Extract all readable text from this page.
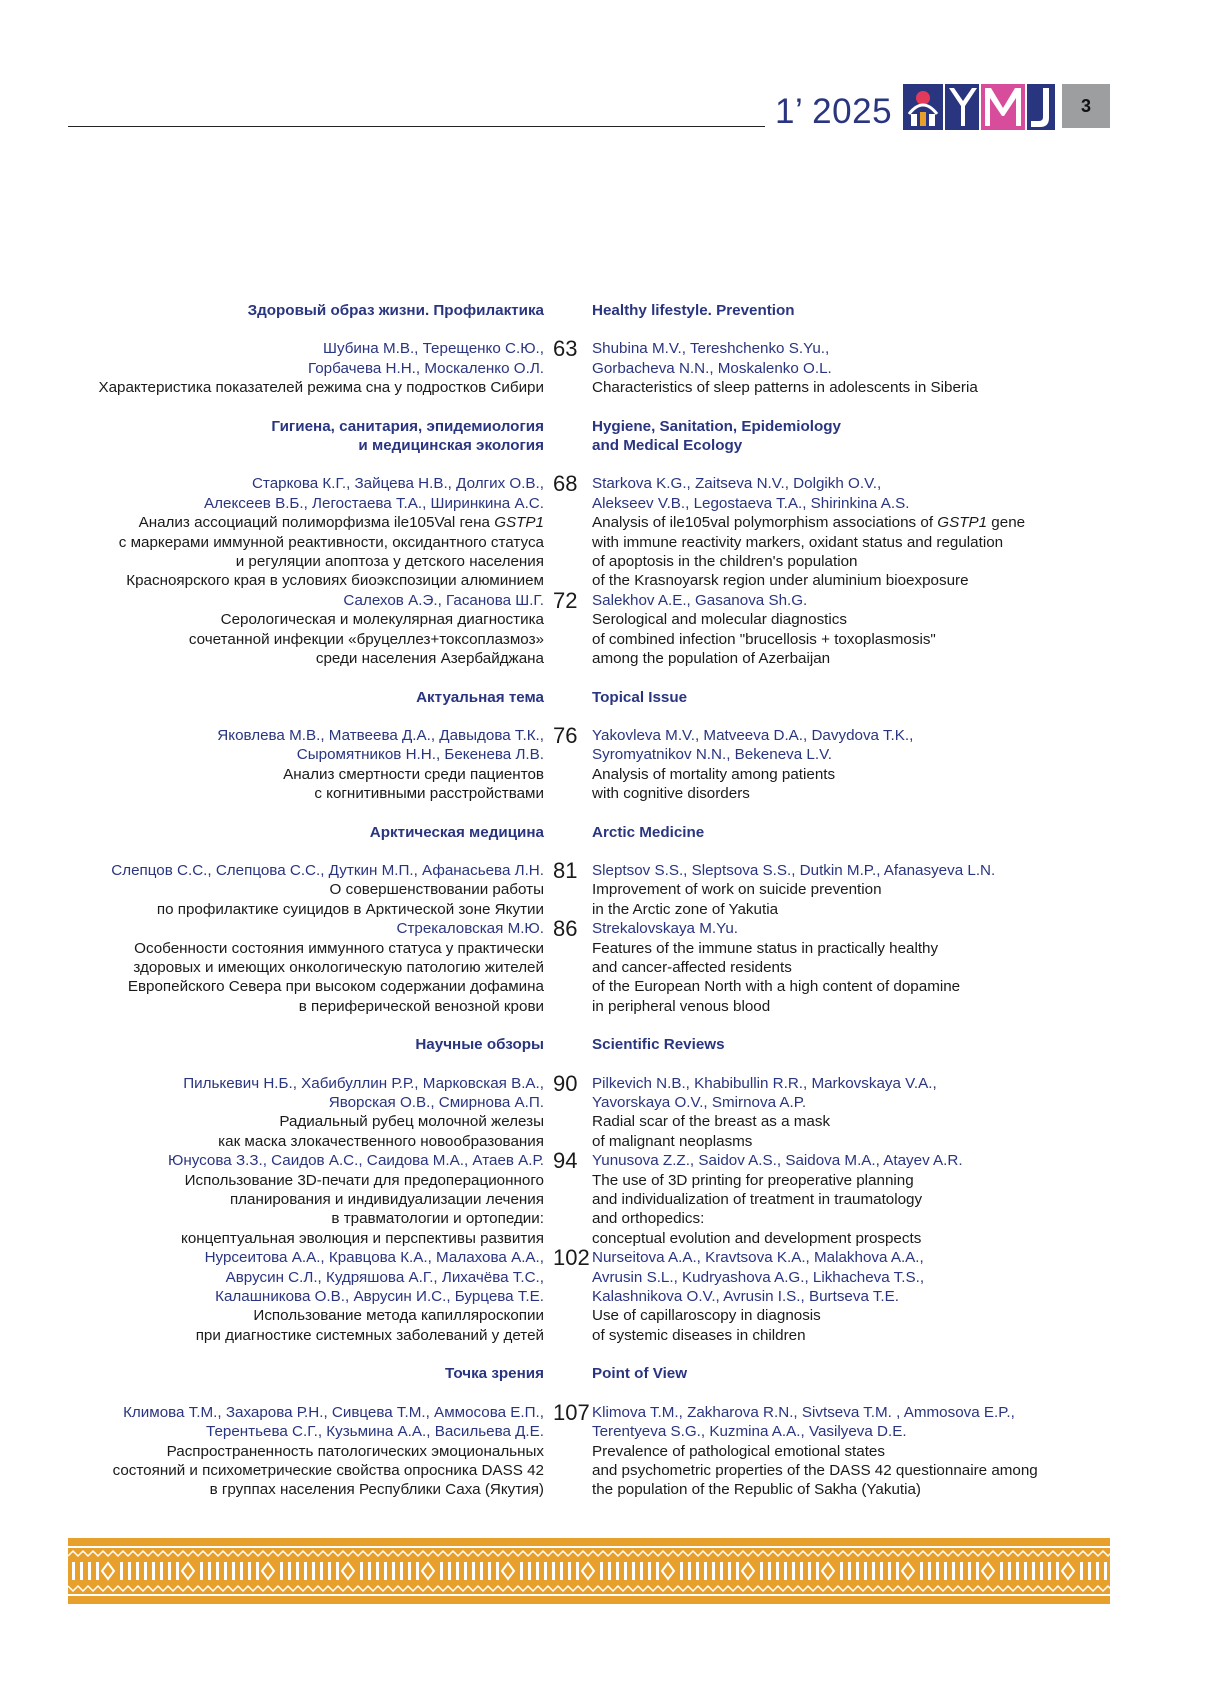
1’ 2025	3
Здоровый образ жизни. Профилактика	Healthy lifestyle. Prevention
Шубина М.В., Терещенко С.Ю., 63 Shubina M.V., Tereshchenko S.Yu.,
Горбачева Н.Н., Москаленко О.Л.	Gorbacheva N.N., Moskalenko O.L.
Характеристика показателей режима сна у подростков Сибири	Characteristics of sleep patterns in adolescents in Siberia
Гигиена, санитария, эпидемиология	Hygiene, Sanitation, Epidemiology
и медицинская экология	and Medical Ecology
Старкова К.Г., Зайцева Н.В., Долгих О.В., 68 Starkova K.G., Zaitseva N.V., Dolgikh O.V.,
Алексеев В.Б., Легостаева Т.А., Ширинкина А.С.	Alekseev V.B., Legostaeva T.A., Shirinkina A.S.
Анализ ассоциаций полиморфизма ile105Val гена GSTP1	Analysis of ile105val polymorphism associations of GSTP1 gene
с маркерами иммунной реактивности, оксидантного статуса	with immune reactivity markers, oxidant status and regulation
и регуляции апоптоза у детского населения	of apoptosis in the children's population
Красноярского края в условиях биоэкспозиции алюминием	of the Krasnoyarsk region under aluminium bioexposure
Салехов А.Э., Гасанова Ш.Г. 72 Salekhov A.E., Gasanova Sh.G.
Серологическая и молекулярная диагностика	Serological and molecular diagnostics
сочетанной инфекции «бруцеллез+токсоплазмоз»	of combined infection "brucellosis + toxoplasmosis"
среди населения Азербайджана	among the population of Azerbaijan
Актуальная тема	Topical Issue
Яковлева М.В., Матвеева Д.А., Давыдова Т.К., 76 Yakovleva M.V., Matveeva D.A., Davydova T.K.,
Сыромятников Н.Н., Бекенева Л.В.	Syromyatnikov N.N., Bekeneva L.V.
Анализ смертности среди пациентов	Analysis of mortality among patients
с когнитивными расстройствами	with cognitive disorders
Арктическая медицина	Arctic Medicine
Слепцов С.С., Слепцова С.С., Дуткин М.П., Афанасьева Л.Н. 81 Sleptsov S.S., Sleptsova S.S., Dutkin M.P., Afanasyeva L.N.
О совершенствовании работы	Improvement of work on suicide prevention
по профилактике суицидов в Арктической зоне Якутии	in the Arctic zone of Yakutia
Стрекаловская М.Ю. 86 Strekalovskaya M.Yu.
Особенности состояния иммунного статуса у практически	Features of the immune status in practically healthy
здоровых и имеющих онкологическую патологию жителей	and cancer-affected residents
Европейского Севера при высоком содержании дофамина	of the European North with a high content of dopamine
в периферической венозной крови	in peripheral venous blood
Научные обзоры	Scientific Reviews
Пилькевич Н.Б., Хабибуллин Р.Р., Марковская В.А., 90 Pilkevich N.B., Khabibullin R.R., Markovskaya V.A.,
Яворская О.В., Смирнова А.П.	Yavorskaya O.V., Smirnova A.P.
Радиальный рубец молочной железы	Radial scar of the breast as a mask
как маска злокачественного новообразования	of malignant neoplasms
Юнусова З.З., Саидов А.С., Саидова М.А., Атаев А.Р. 94 Yunusova Z.Z., Saidov A.S., Saidova M.A., Atayev A.R.
Использование 3D-печати для предоперационного	The use of 3D printing for preoperative planning
планирования и индивидуализации лечения	and individualization of treatment in traumatology
в травматологии и ортопедии:	and orthopedics:
концептуальная эволюция и перспективы развития	conceptual evolution and development prospects
Нурсеитова А.А., Кравцова К.А., Малахова А.А., 102 Nurseitova A.A., Kravtsova K.A., Malakhova A.A.,
Аврусин С.Л., Кудряшова А.Г., Лихачёва Т.С.,	Avrusin S.L., Kudryashova A.G., Likhacheva T.S.,
Калашникова О.В., Аврусин И.С., Бурцева Т.Е.	Kalashnikova O.V., Avrusin I.S., Burtseva T.E.
Использование метода капилляроскопии	Use of capillaroscopy in diagnosis
при диагностике системных заболеваний у детей	of systemic diseases in children
Точка зрения	Point of View
Климова Т.М., Захарова Р.Н., Сивцева Т.М., Аммосова Е.П., 107 Klimova T.M., Zakharova R.N., Sivtseva T.M. , Ammosova E.P.,
Терентьева С.Г., Кузьмина А.А., Васильева Д.Е.	Terentyeva S.G., Kuzmina A.A., Vasilyeva D.E.
Распространенность патологических эмоциональных	Prevalence of pathological emotional states
состояний и психометрические свойства опросника DASS 42	and psychometric properties of the DASS 42 questionnaire among
в группах населения Республики Саха (Якутия)	the population of the Republic of Sakha (Yakutia)
